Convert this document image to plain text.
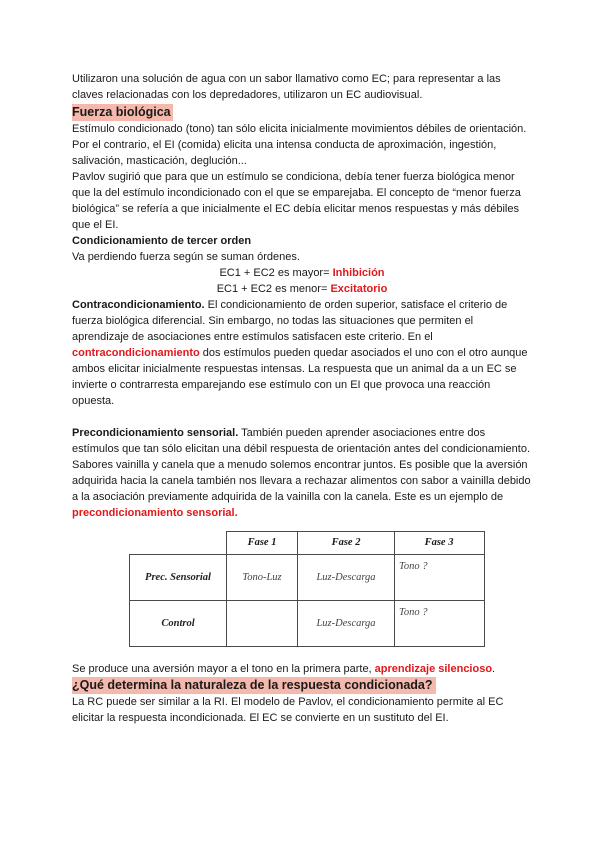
Utilizaron una solución de agua con un sabor llamativo como EC; para representar a las claves relacionadas con los depredadores, utilizaron un EC audiovisual.

Fuerza biológica

Estímulo condicionado (tono) tan sólo elicita inicialmente movimientos débiles de orientación. Por el contrario, el EI (comida) elicita una intensa conducta de aproximación, ingestión, salivación, masticación, deglución...

Pavlov sugirió que para que un estímulo se condiciona, debía tener fuerza biológica menor que la del estímulo incondicionado con el que se emparejaba. El concepto de “menor fuerza biológica” se refería a que inicialmente el EC debía elicitar menos respuestas y más débiles que el EI.

Condicionamiento de tercer orden

Va perdiendo fuerza según se suman órdenes.

EC1 + EC2 es mayor= Inhibición

EC1 + EC2 es menor= Excitatorio

Contracondicionamiento. El condicionamiento de orden superior, satisface el criterio de fuerza biológica diferencial. Sin embargo, no todas las situaciones que permiten el aprendizaje de asociaciones entre estímulos satisfacen este criterio. En el contracondicionamiento dos estímulos pueden quedar asociados el uno con el otro aunque ambos elicitar inicialmente respuestas intensas. La respuesta que un animal da a un EC se invierte o contrarresta emparejando ese estímulo con un EI que provoca una reacción opuesta.

Precondicionamiento sensorial. También pueden aprender asociaciones entre dos estímulos que tan sólo elicitan una débil respuesta de orientación antes del condicionamiento. Sabores vainilla y canela que a menudo solemos encontrar juntos. Es posible que la aversión adquirida hacia la canela también nos llevara a rechazar alimentos con sabor a vainilla debido a la asociación previamente adquirida de la vainilla con la canela. Este es un ejemplo de precondicionamiento sensorial.

	Fase 1	Fase 2	Fase 3
Prec. Sensorial	Tono-Luz	Luz-Descarga	Tono ?
Control		Luz-Descarga	Tono ?

Se produce una aversión mayor a el tono en la primera parte, aprendizaje silencioso.

¿Qué determina la naturaleza de la respuesta condicionada?

La RC puede ser similar a la RI. El modelo de Pavlov, el condicionamiento permite al EC elicitar la respuesta incondicionada. El EC se convierte en un sustituto del EI.
